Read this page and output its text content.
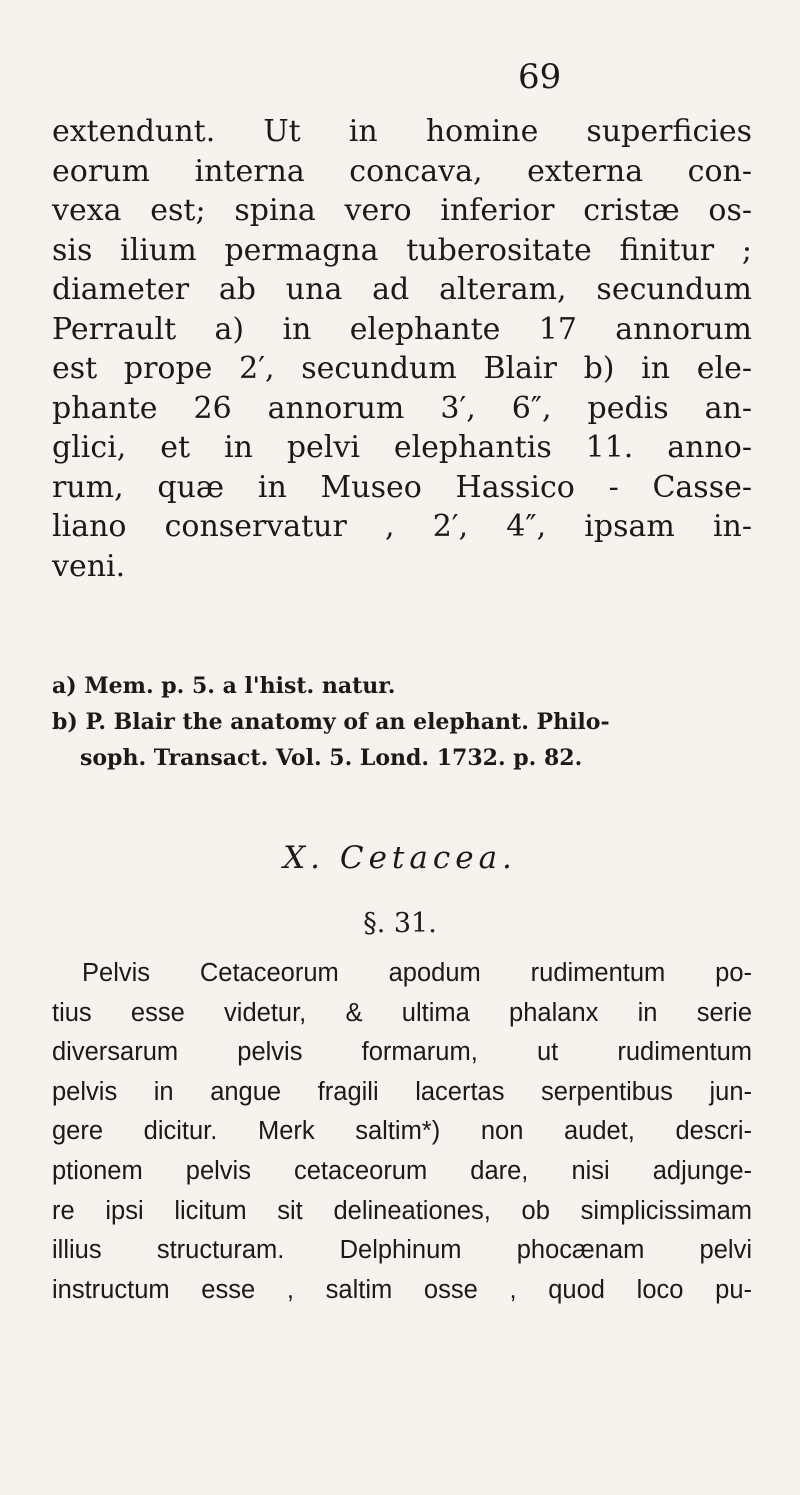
69
extendunt. Ut in homine superficies
eorum interna concava, externa con-
vexa est; spina vero inferior cristæ os-
sis ilium permagna tuberositate finitur ;
diameter ab una ad alteram, secundum
Perrault a) in elephante 17 annorum
est prope 2′, secundum Blair b) in ele-
phante 26 annorum 3′, 6″, pedis an-
glici, et in pelvi elephantis 11. anno-
rum, quæ in Museo Hassico - Casse-
liano conservatur , 2′, 4″, ipsam in-
veni.
a) Mem. p. 5. a l'hist. natur.
b) P. Blair the anatomy of an elephant. Philo-
soph. Transact. Vol. 5. Lond. 1732. p. 82.
X. Cetacea.
§. 31.
Pelvis Cetaceorum apodum rudimentum po-
tius esse videtur, & ultima phalanx in serie
diversarum pelvis formarum, ut rudimentum
pelvis in angue fragili lacertas serpentibus jun-
gere dicitur. Merk saltim*) non audet, descri-
ptionem pelvis cetaceorum dare, nisi adjunge-
re ipsi licitum sit delineationes, ob simplicissimam
illius structuram. Delphinum phocænam pelvi
instructum esse , saltim osse , quod loco pu-
